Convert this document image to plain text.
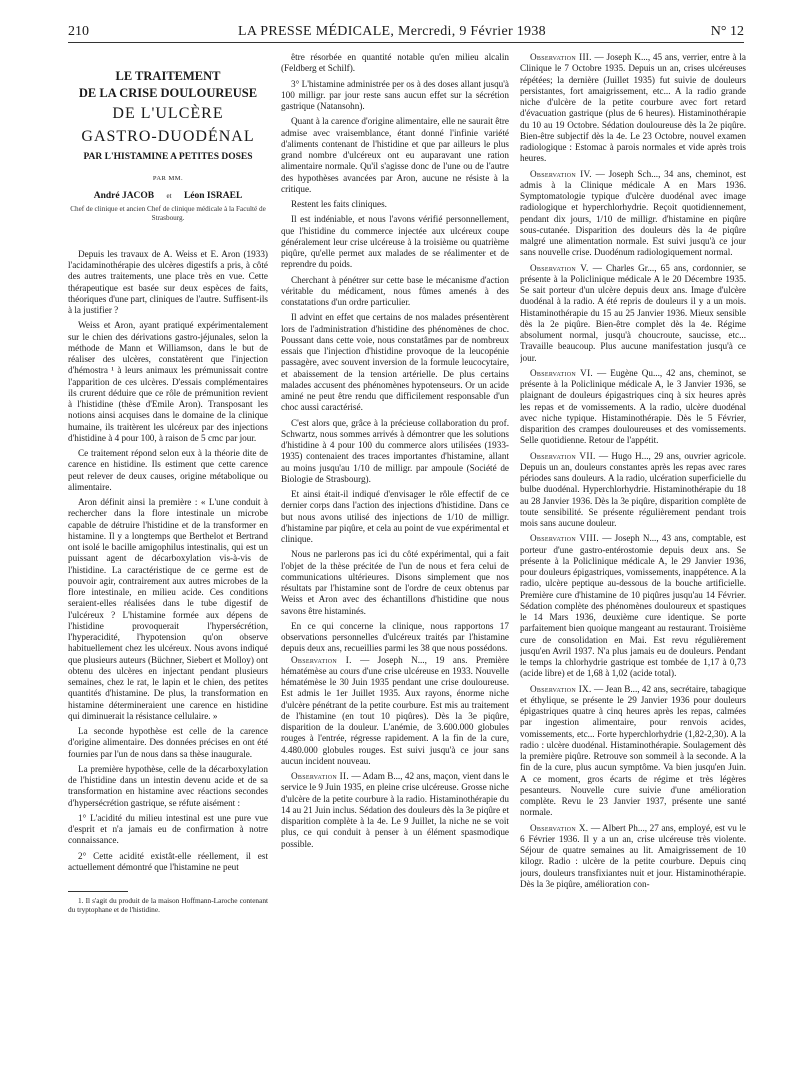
210	LA PRESSE MÉDICALE, Mercredi, 9 Février 1938	N° 12
LE TRAITEMENT
DE LA CRISE DOULOUREUSE
DE L'ULCÈRE
GASTRO-DUODÉNAL
PAR L'HISTAMINE A PETITES DOSES
PAR MM.
André JACOB et Léon ISRAEL
Chef de clinique et ancien Chef de clinique médicale à la Faculté de Strasbourg.

Depuis les travaux de A. Weiss et E. Aron (1933) l'acidaminothérapie des ulcères digestifs a pris, à côté des autres traitements, une place très en vue. Cette thérapeutique est basée sur deux espèces de faits, théoriques d'une part, cliniques de l'autre. Suffisent-ils à la justifier ?

Weiss et Aron, ayant pratiqué expérimentalement sur le chien des dérivations gastro-jéjunales, selon la méthode de Mann et Williamson, dans le but de réaliser des ulcères, constatèrent que l'injection d'hémostra ¹ à leurs animaux les prémunissait contre l'apparition de ces ulcères. D'essais complémentaires ils crurent déduire que ce rôle de prémunition revient à l'histidine (thèse d'Emile Aron). Transposant les notions ainsi acquises dans le domaine de la clinique humaine, ils traitèrent les ulcéreux par des injections d'histidine à 4 pour 100, à raison de 5 cmc par jour.

Ce traitement répond selon eux à la théorie dite de carence en histidine. Ils estiment que cette carence peut relever de deux causes, origine métabolique ou alimentaire.

Aron définit ainsi la première : « L'une conduit à rechercher dans la flore intestinale un microbe capable de détruire l'histidine et de la transformer en histamine. Il y a longtemps que Berthelot et Bertrand ont isolé le bacille amigophilus intestinalis, qui est un puissant agent de décarboxylation vis-à-vis de l'histidine. La caractéristique de ce germe est de pouvoir agir, contrairement aux autres microbes de la flore intestinale, en milieu acide. Ces conditions seraient-elles réalisées dans le tube digestif de l'ulcéreux ? L'histamine formée aux dépens de l'histidine provoquerait l'hypersécrétion, l'hyperacidité, l'hypotension qu'on observe habituellement chez les ulcéreux. Nous avons indiqué que plusieurs auteurs (Büchner, Siebert et Molloy) ont obtenu des ulcères en injectant pendant plusieurs semaines, chez le rat, le lapin et le chien, des petites quantités d'histamine. De plus, la transformation en histamine détermineraient une carence en histidine qui diminuerait la résistance cellulaire. »

La seconde hypothèse est celle de la carence d'origine alimentaire. Des données précises en ont été fournies par l'un de nous dans sa thèse inaugurale.

La première hypothèse, celle de la décarboxylation de l'histidine dans un intestin devenu acide et de sa transformation en histamine avec réactions secondes d'hypersécrétion gastrique, se réfute aisément :

1° L'acidité du milieu intestinal est une pure vue d'esprit et n'a jamais eu de confirmation à notre connaissance.

2° Cette acidité existât-elle réellement, il est actuellement démontré que l'histamine ne peut

1. Il s'agit du produit de la maison Hoffmann-Laroche contenant du tryptophane et de l'histidine.

être résorbée en quantité notable qu'en milieu alcalin (Feldberg et Schilf).

3° L'histamine administrée per os à des doses allant jusqu'à 100 milligr. par jour reste sans aucun effet sur la sécrétion gastrique (Natansohn).

Quant à la carence d'origine alimentaire, elle ne saurait être admise avec vraisemblance, étant donné l'infinie variété d'aliments contenant de l'histidine et que par ailleurs le plus grand nombre d'ulcéreux ont eu auparavant une ration alimentaire normale. Qu'il s'agisse donc de l'une ou de l'autre des hypothèses avancées par Aron, aucune ne résiste à la critique.

Restent les faits cliniques.

Il est indéniable, et nous l'avons vérifié personnellement, que l'histidine du commerce injectée aux ulcéreux coupe généralement leur crise ulcéreuse à la troisième ou quatrième piqûre, qu'elle permet aux malades de se réalimenter et de reprendre du poids.

Cherchant à pénétrer sur cette base le mécanisme d'action véritable du médicament, nous fûmes amenés à des constatations d'un ordre particulier.

Il advint en effet que certains de nos malades présentèrent lors de l'administration d'histidine des phénomènes de choc. Poussant dans cette voie, nous constatâmes par de nombreux essais que l'injection d'histidine provoque de la leucopénie passagère, avec souvent inversion de la formule leucocytaire, et abaissement de la tension artérielle. De plus certains malades accusent des phénomènes hypotenseurs. Or un acide aminé ne peut être rendu que difficilement responsable d'un choc aussi caractérisé.

C'est alors que, grâce à la précieuse collaboration du prof. Schwartz, nous sommes arrivés à démontrer que les solutions d'histidine à 4 pour 100 du commerce alors utilisées (1933-1935) contenaient des traces importantes d'histamine, allant au moins jusqu'au 1/10 de milligr. par ampoule (Société de Biologie de Strasbourg).

Et ainsi était-il indiqué d'envisager le rôle effectif de ce dernier corps dans l'action des injections d'histidine. Dans ce but nous avons utilisé des injections de 1/10 de milligr. d'histamine par piqûre, et cela au point de vue expérimental et clinique.

Nous ne parlerons pas ici du côté expérimental, qui a fait l'objet de la thèse précitée de l'un de nous et fera celui de communications ultérieures. Disons simplement que nos résultats par l'histamine sont de l'ordre de ceux obtenus par Weiss et Aron avec des échantillons d'histidine que nous savons être histaminés.

En ce qui concerne la clinique, nous rapportons 17 observations personnelles d'ulcéreux traités par l'histamine depuis deux ans, recueillies parmi les 38 que nous possédons.

Observation I. — Joseph N..., 19 ans. Première hématémèse au cours d'une crise ulcéreuse en 1933. Nouvelle hématémèse le 30 Juin 1935 pendant une crise douloureuse. Est admis le 1er Juillet 1935. Aux rayons, énorme niche d'ulcère pénétrant de la petite courbure. Est mis au traitement de l'histamine (en tout 10 piqûres). Dès la 3e piqûre, disparition de la douleur. L'anémie, de 3.600.000 globules rouges à l'entrée, régresse rapidement. A la fin de la cure, 4.480.000 globules rouges. Est suivi jusqu'à ce jour sans aucun incident nouveau.

Observation II. — Adam B..., 42 ans, maçon, vient dans le service le 9 Juin 1935, en pleine crise ulcéreuse. Grosse niche d'ulcère de la petite courbure à la radio. Histaminothérapie du 14 au 21 Juin inclus. Sédation des douleurs dès la 3e piqûre et disparition complète à la 4e. Le 9 Juillet, la niche ne se voit plus, ce qui conduit à penser à un élément spasmodique possible.

Observation III. — Joseph K..., 45 ans, verrier, entre à la Clinique le 7 Octobre 1935. Depuis un an, crises ulcéreuses répétées; la dernière (Juillet 1935) fut suivie de douleurs persistantes, fort amaigrissement, etc... A la radio grande niche d'ulcère de la petite courbure avec fort retard d'évacuation gastrique (plus de 6 heures). Histaminothérapie du 10 au 19 Octobre. Sédation douloureuse dès la 2e piqûre. Bien-être subjectif dès la 4e. Le 23 Octobre, nouvel examen radiologique : Estomac à parois normales et vide après trois heures.

Observation IV. — Joseph Sch..., 34 ans, cheminot, est admis à la Clinique médicale A en Mars 1936. Symptomatologie typique d'ulcère duodénal avec image radiologique et hyperchlorhydrie. Reçoit quotidiennement, pendant dix jours, 1/10 de milligr. d'histamine en piqûre sous-cutanée. Disparition des douleurs dès la 4e piqûre malgré une alimentation normale. Est suivi jusqu'à ce jour sans nouvelle crise. Duodénum radiologiquement normal.

Observation V. — Charles Gr..., 65 ans, cordonnier, se présente à la Policlinique médicale A le 20 Décembre 1935. Se sait porteur d'un ulcère depuis deux ans. Image d'ulcère duodénal à la radio. A été repris de douleurs il y a un mois. Histaminothérapie du 15 au 25 Janvier 1936. Mieux sensible dès la 2e piqûre. Bien-être complet dès la 4e. Régime absolument normal, jusqu'à choucroute, saucisse, etc... Travaille beaucoup. Plus aucune manifestation jusqu'à ce jour.

Observation VI. — Eugène Qu..., 42 ans, cheminot, se présente à la Policlinique médicale A, le 3 Janvier 1936, se plaignant de douleurs épigastriques cinq à six heures après les repas et de vomissements. A la radio, ulcère duodénal avec niche typique. Histaminothérapie. Dès le 5 Février, disparition des crampes douloureuses et des vomissements. Selle quotidienne. Retour de l'appétit.

Observation VII. — Hugo H..., 29 ans, ouvrier agricole. Depuis un an, douleurs constantes après les repas avec rares périodes sans douleurs. A la radio, ulcération superficielle du bulbe duodénal. Hyperchlorhydrie. Histaminothérapie du 18 au 28 Janvier 1936. Dès la 3e piqûre, disparition complète de toute sensibilité. Se présente régulièrement pendant trois mois sans aucune douleur.

Observation VIII. — Joseph N..., 43 ans, comptable, est porteur d'une gastro-entérostomie depuis deux ans. Se présente à la Policlinique médicale A, le 29 Janvier 1936, pour douleurs épigastriques, vomissements, inappétence. A la radio, ulcère peptique au-dessous de la bouche artificielle. Première cure d'histamine de 10 piqûres jusqu'au 14 Février. Sédation complète des phénomènes douloureux et spastiques le 14 Mars 1936, deuxième cure identique. Se porte parfaitement bien quoique mangeant au restaurant. Troisième cure de consolidation en Mai. Est revu régulièrement jusqu'en Avril 1937. N'a plus jamais eu de douleurs. Pendant le temps la chlorhydrie gastrique est tombée de 1,17 à 0,73 (acide libre) et de 1,68 à 1,02 (acide total).

Observation IX. — Jean B..., 42 ans, secrétaire, tabagique et éthylique, se présente le 29 Janvier 1936 pour douleurs épigastriques quatre à cinq heures après les repas, calmées par ingestion alimentaire, pour renvois acides, vomissements, etc... Forte hyperchlorhydrie (1,82-2,30). A la radio : ulcère duodénal. Histaminothérapie. Soulagement dès la première piqûre. Retrouve son sommeil à la seconde. A la fin de la cure, plus aucun symptôme. Va bien jusqu'en Juin. A ce moment, gros écarts de régime et très légères pesanteurs. Nouvelle cure suivie d'une amélioration complète. Revu le 23 Janvier 1937, présente une santé normale.

Observation X. — Albert Ph..., 27 ans, employé, est vu le 6 Février 1936. Il y a un an, crise ulcéreuse très violente. Séjour de quatre semaines au lit. Amaigrissement de 10 kilogr. Radio : ulcère de la petite courbure. Depuis cinq jours, douleurs transfixiantes nuit et jour. Histaminothérapie. Dès la 3e piqûre, amélioration con-
